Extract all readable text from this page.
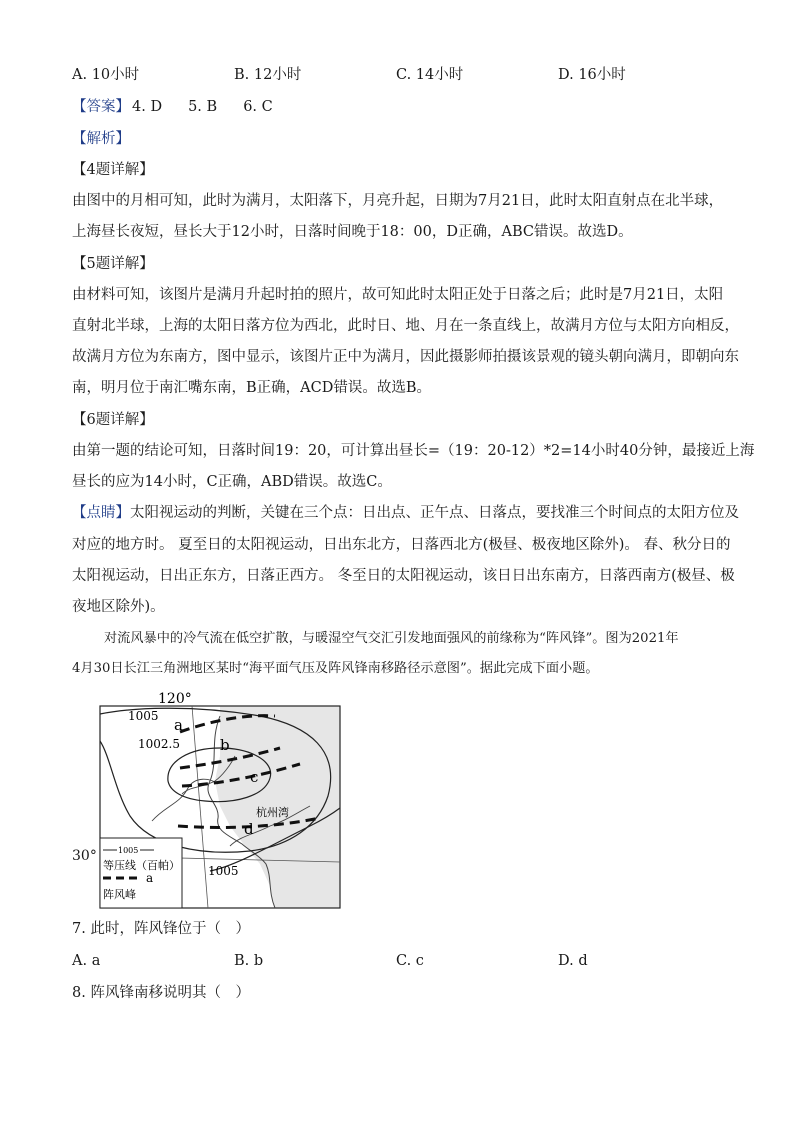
A. 10小时	B. 12小时	C. 14小时	D. 16小时
【答案】 4. D 5. B 6. C
【解析】
【4题详解】
由图中的月相可知，此时为满月，太阳落下，月亮升起，日期为7月21日，此时太阳直射点在北半球，
上海昼长夜短，昼长大于12小时，日落时间晚于18：00，D正确，ABC错误。故选D。
【5题详解】
由材料可知，该图片是满月升起时拍的照片，故可知此时太阳正处于日落之后；此时是7月21日，太阳
直射北半球，上海的太阳日落方位为西北，此时日、地、月在一条直线上，故满月方位与太阳方向相反，
故满月方位为东南方，图中显示，该图片正中为满月，因此摄影师拍摄该景观的镜头朝向满月，即朝向东
南，明月位于南汇嘴东南，B正确，ACD错误。故选B。
【6题详解】
由第一题的结论可知，日落时间19：20，可计算出昼长=（19：20-12）*2=14小时40分钟，最接近上海
昼长的应为14小时，C正确，ABD错误。故选C。
【点睛】太阳视运动的判断，关键在三个点：日出点、正午点、日落点，要找准三个时间点的太阳方位及
对应的地方时。 夏至日的太阳视运动，日出东北方，日落西北方(极昼、极夜地区除外)。 春、秋分日的
太阳视运动，日出正东方，日落正西方。 冬至日的太阳视运动，该日日出东南方，日落西南方(极昼、极
夜地区除外)。
对流风暴中的冷气流在低空扩散，与暖湿空气交汇引发地面强风的前缘称为“阵风锋”。图为2021年
4月30日长江三角洲地区某时“海平面气压及阵风锋南移路径示意图”。据此完成下面小题。
120°
1005
1002.5
1005
a
b
c
d
杭州湾
1005
等压线（百帕）
a
阵风峰
30°
7. 此时，阵风锋位于（　）
A. a	B. b	C. c	D. d
8. 阵风锋南移说明其（　）
